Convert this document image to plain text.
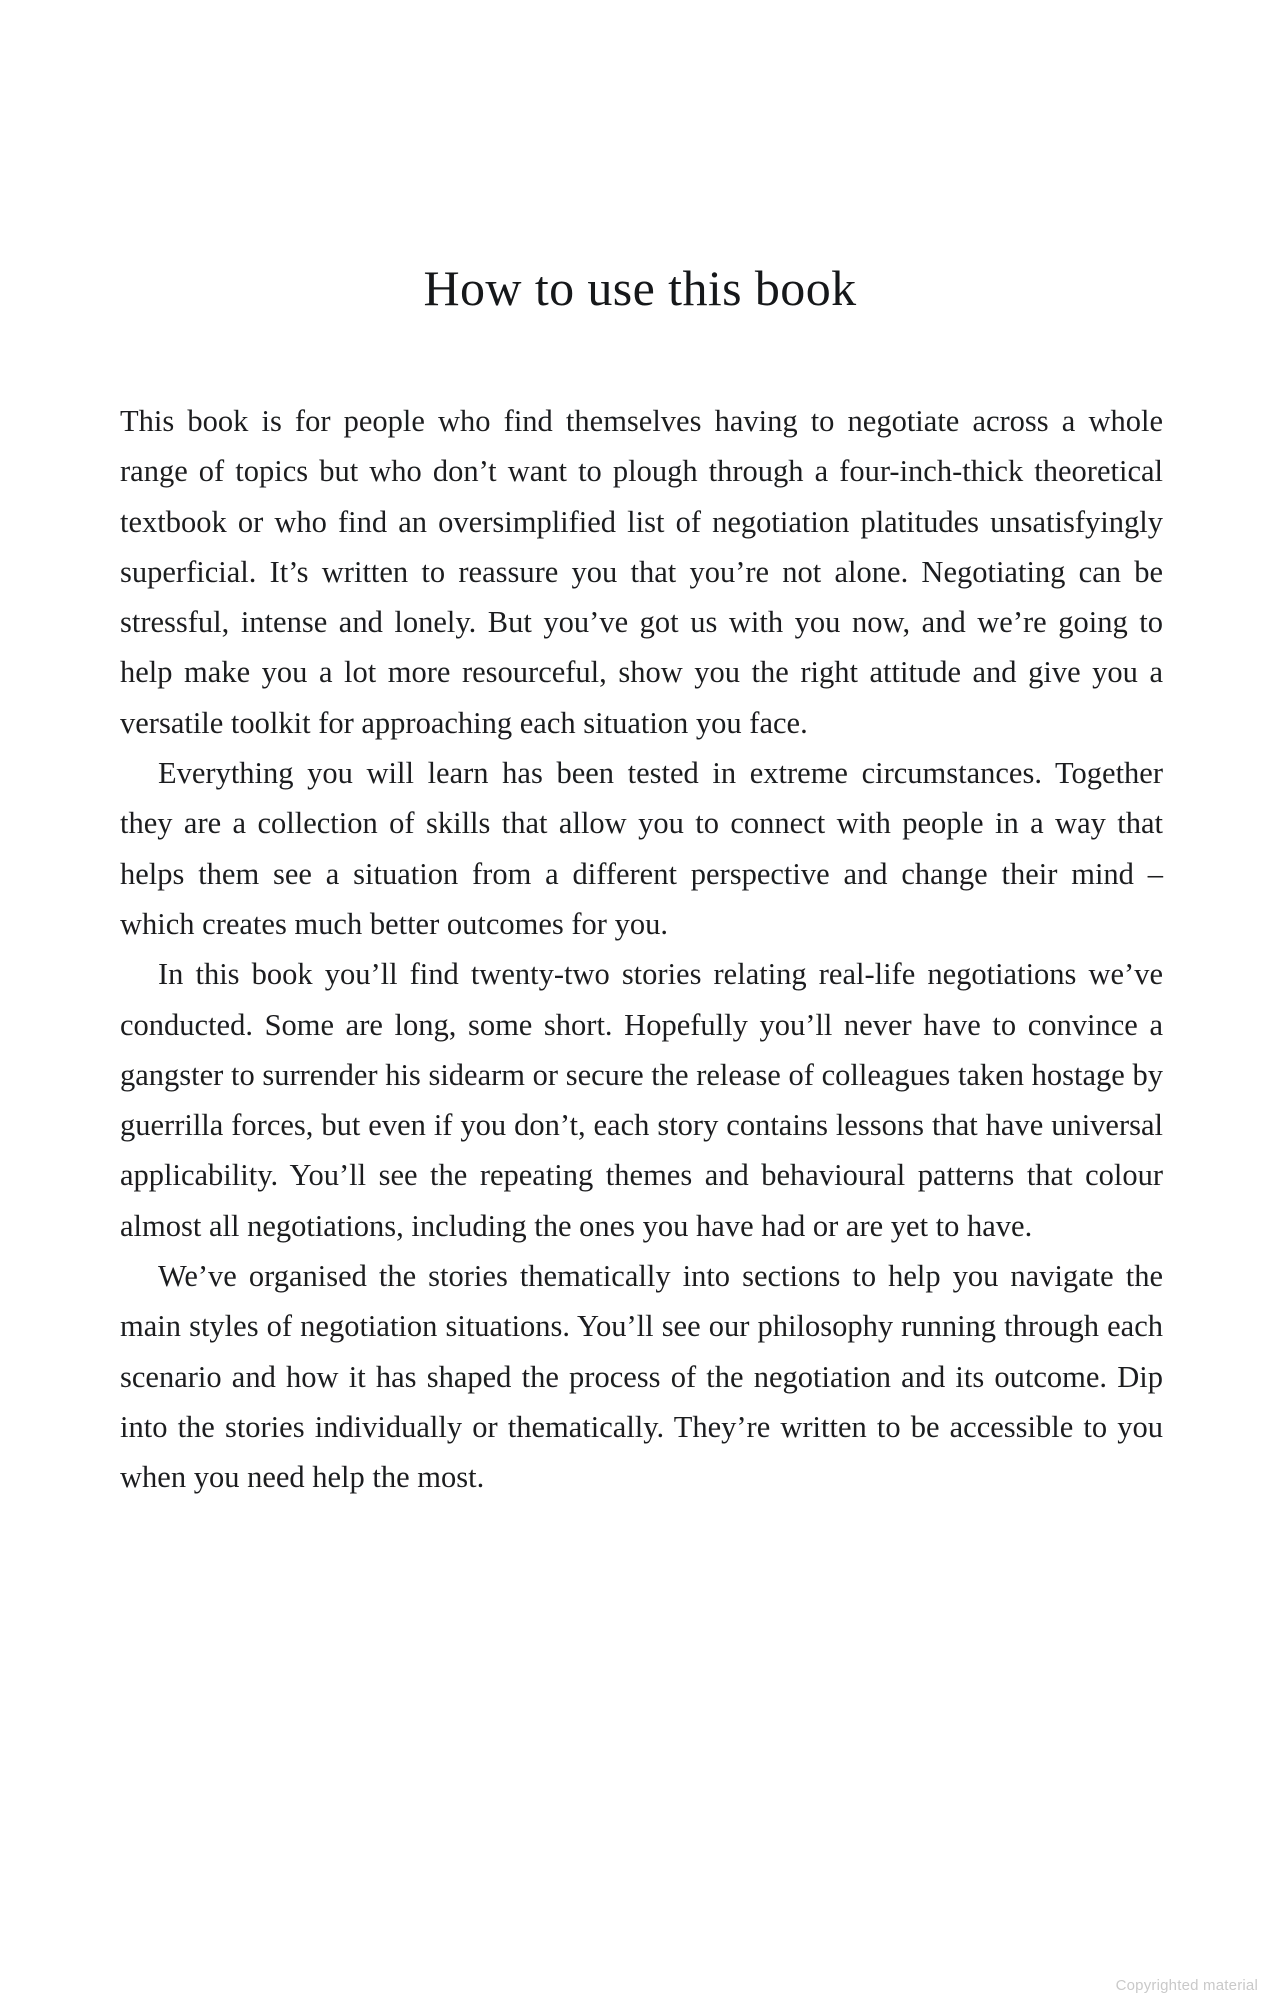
How to use this book

This book is for people who find themselves having to negotiate across a whole range of topics but who don’t want to plough through a four-inch-thick theoretical textbook or who find an oversimplified list of negotiation platitudes unsatisfyingly superficial. It’s written to reassure you that you’re not alone. Negotiating can be stressful, intense and lonely. But you’ve got us with you now, and we’re going to help make you a lot more resourceful, show you the right attitude and give you a versatile toolkit for approaching each situation you face.

Everything you will learn has been tested in extreme circumstances. Together they are a collection of skills that allow you to connect with people in a way that helps them see a situation from a different perspective and change their mind – which creates much better outcomes for you.

In this book you’ll find twenty-two stories relating real-life negotiations we’ve conducted. Some are long, some short. Hopefully you’ll never have to convince a gangster to surrender his sidearm or secure the release of colleagues taken hostage by guerrilla forces, but even if you don’t, each story contains lessons that have universal applicability. You’ll see the repeating themes and behavioural patterns that colour almost all negotiations, including the ones you have had or are yet to have.

We’ve organised the stories thematically into sections to help you navigate the main styles of negotiation situations. You’ll see our philosophy running through each scenario and how it has shaped the process of the negotiation and its outcome. Dip into the stories individually or thematically. They’re written to be accessible to you when you need help the most.

Copyrighted material
